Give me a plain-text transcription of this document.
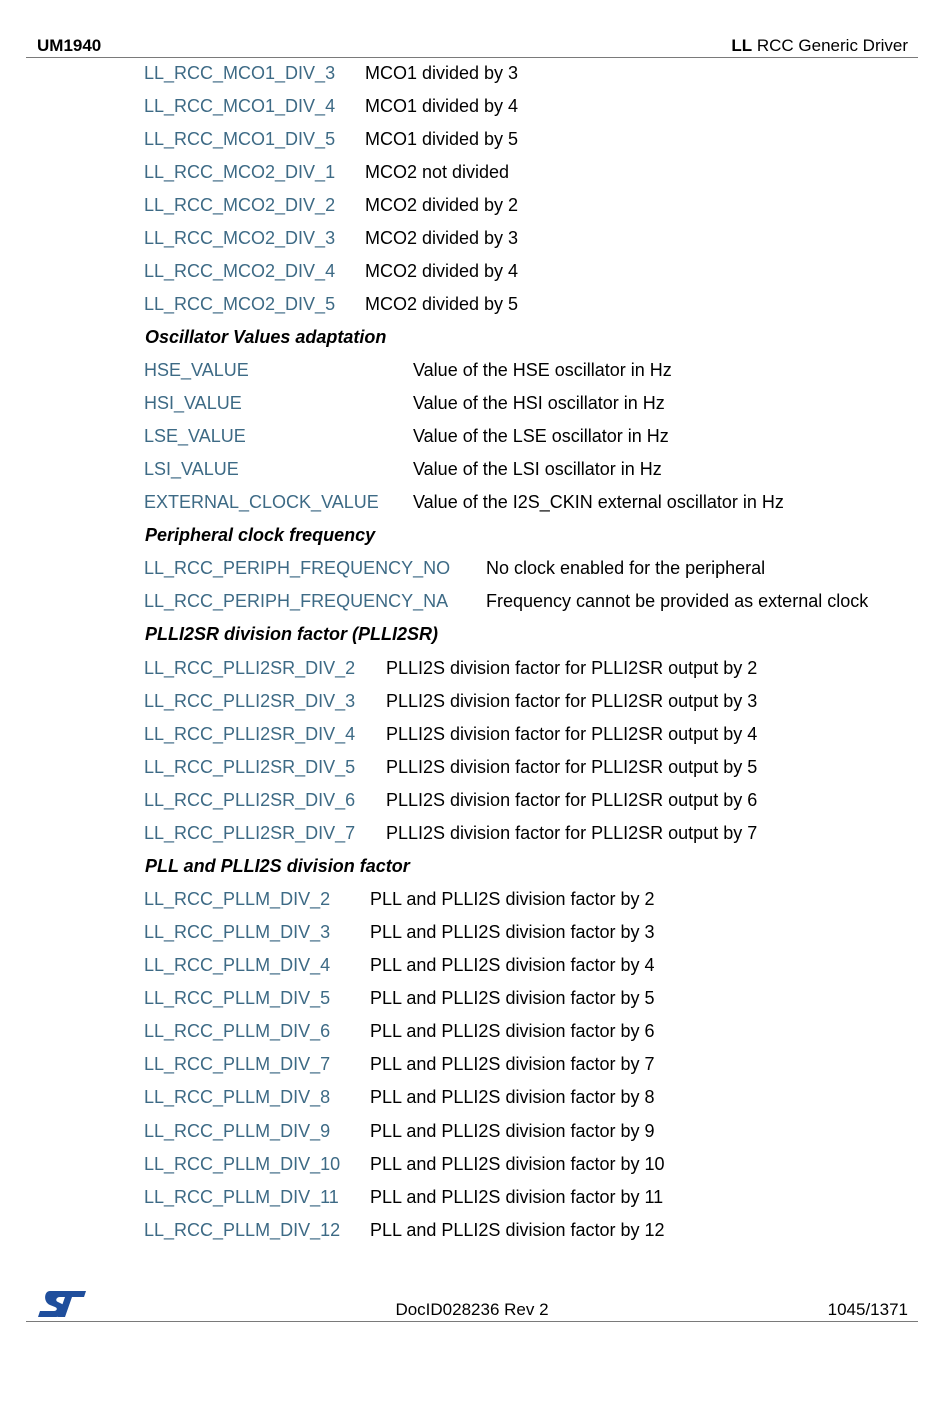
UM1940	LL RCC Generic Driver
LL_RCC_MCO1_DIV_3 MCO1 divided by 3
LL_RCC_MCO1_DIV_4 MCO1 divided by 4
LL_RCC_MCO1_DIV_5 MCO1 divided by 5
LL_RCC_MCO2_DIV_1 MCO2 not divided
LL_RCC_MCO2_DIV_2 MCO2 divided by 2
LL_RCC_MCO2_DIV_3 MCO2 divided by 3
LL_RCC_MCO2_DIV_4 MCO2 divided by 4
LL_RCC_MCO2_DIV_5 MCO2 divided by 5
Oscillator Values adaptation
HSE_VALUE	Value of the HSE oscillator in Hz
HSI_VALUE	Value of the HSI oscillator in Hz
LSE_VALUE	Value of the LSE oscillator in Hz
LSI_VALUE	Value of the LSI oscillator in Hz
EXTERNAL_CLOCK_VALUE Value of the I2S_CKIN external oscillator in Hz
Peripheral clock frequency
LL_RCC_PERIPH_FREQUENCY_NO No clock enabled for the peripheral
LL_RCC_PERIPH_FREQUENCY_NA Frequency cannot be provided as external clock
PLLI2SR division factor (PLLI2SR)
LL_RCC_PLLI2SR_DIV_2 PLLI2S division factor for PLLI2SR output by 2
LL_RCC_PLLI2SR_DIV_3 PLLI2S division factor for PLLI2SR output by 3
LL_RCC_PLLI2SR_DIV_4 PLLI2S division factor for PLLI2SR output by 4
LL_RCC_PLLI2SR_DIV_5 PLLI2S division factor for PLLI2SR output by 5
LL_RCC_PLLI2SR_DIV_6 PLLI2S division factor for PLLI2SR output by 6
LL_RCC_PLLI2SR_DIV_7 PLLI2S division factor for PLLI2SR output by 7
PLL and PLLI2S division factor
LL_RCC_PLLM_DIV_2 PLL and PLLI2S division factor by 2
LL_RCC_PLLM_DIV_3 PLL and PLLI2S division factor by 3
LL_RCC_PLLM_DIV_4 PLL and PLLI2S division factor by 4
LL_RCC_PLLM_DIV_5 PLL and PLLI2S division factor by 5
LL_RCC_PLLM_DIV_6 PLL and PLLI2S division factor by 6
LL_RCC_PLLM_DIV_7 PLL and PLLI2S division factor by 7
LL_RCC_PLLM_DIV_8 PLL and PLLI2S division factor by 8
LL_RCC_PLLM_DIV_9 PLL and PLLI2S division factor by 9
LL_RCC_PLLM_DIV_10 PLL and PLLI2S division factor by 10
LL_RCC_PLLM_DIV_11 PLL and PLLI2S division factor by 11
LL_RCC_PLLM_DIV_12 PLL and PLLI2S division factor by 12
DocID028236 Rev 2	1045/1371
